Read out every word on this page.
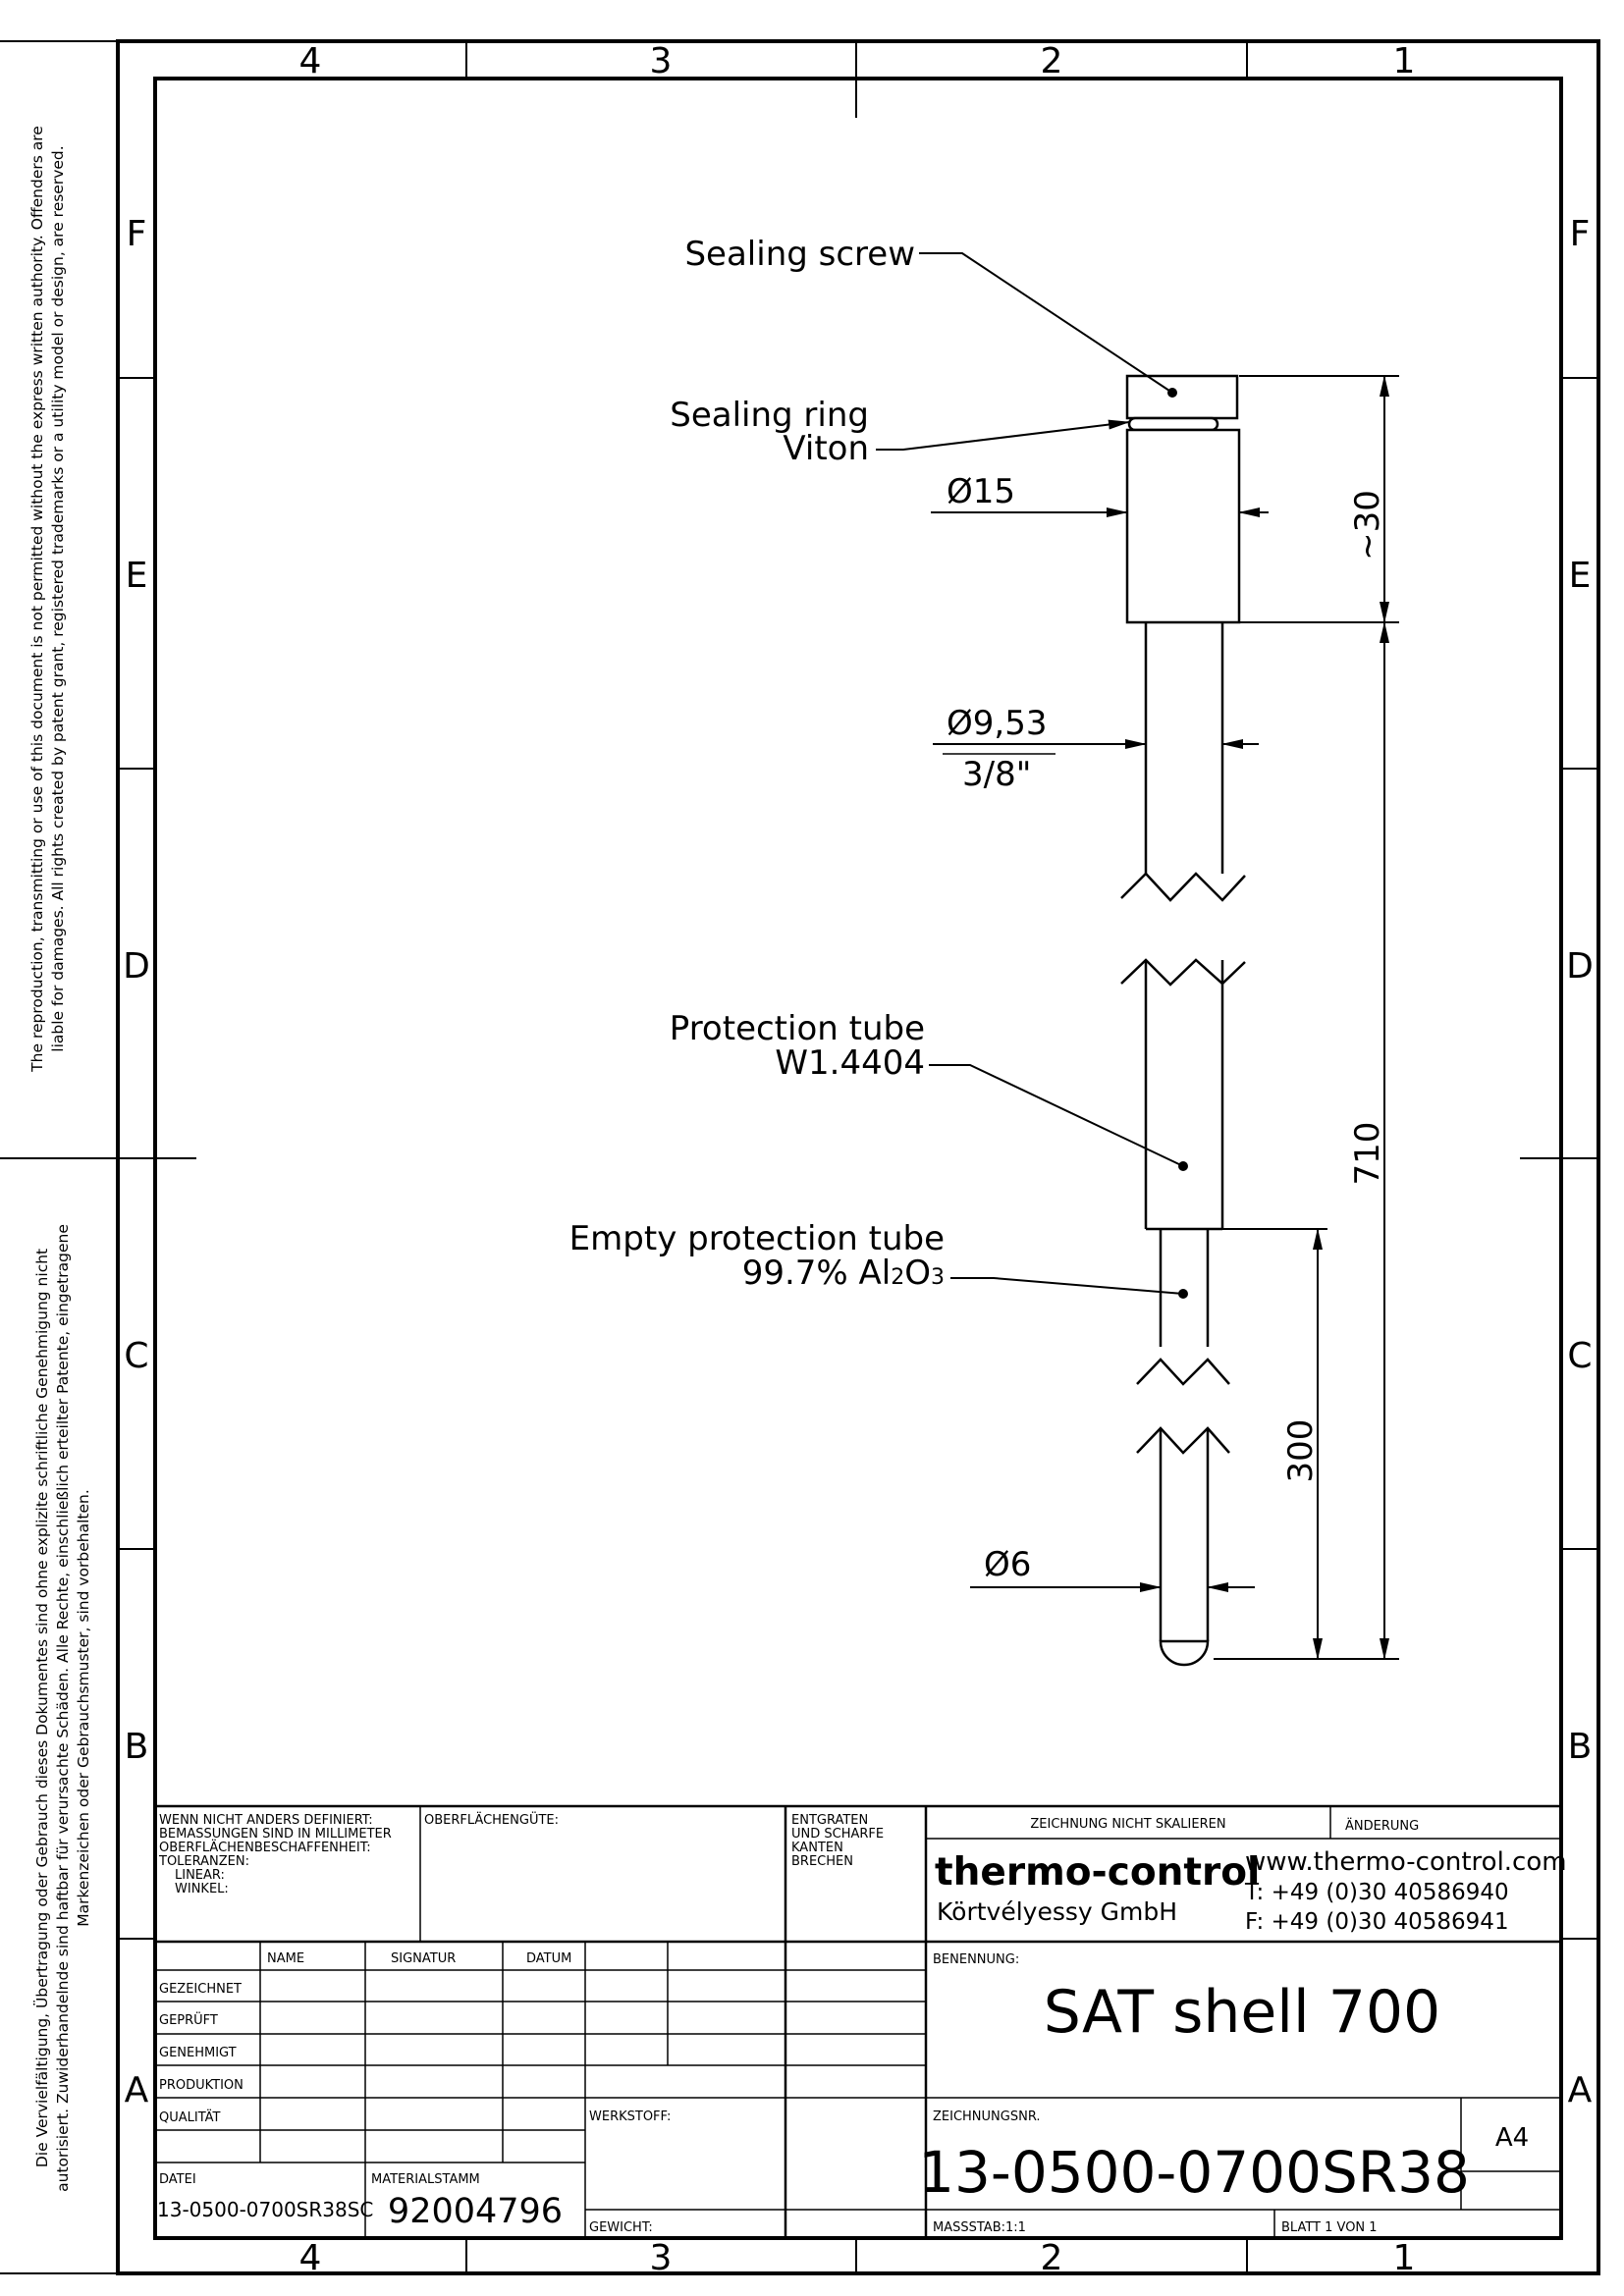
The reproduction, transmitting or use of this document is not permitted without the express written authority. Offenders are liable for damages. All rights created by patent grant, registered trademarks or a utility model or design, are reserved.
Die Vervielfältigung, Übertragung oder Gebrauch dieses Dokumentes sind ohne explizite schriftliche Genehmigung nicht autorisiert. Zuwiderhandelnde sind haftbar für verursachte Schäden. Alle Rechte, einschließlich erteilter Patente, eingetragene Markenzeichen oder Gebrauchsmuster, sind vorbehalten.
4	3	2	1
4	3	2	1
F
E
D
C
B
A
F
E
D
C
B
A
Sealing screw
Sealing ring
Viton
Protection tube
W1.4404
Empty protection tube
99.7% Al2O3
Ø15
Ø9,53
3/8"
Ø6
~30
710
300
WENN NICHT ANDERS DEFINIERT:
BEMASSUNGEN SIND IN MILLIMETER
OBERFLÄCHENBESCHAFFENHEIT:
TOLERANZEN:
LINEAR:
WINKEL:
OBERFLÄCHENGÜTE:	ENTGRATEN
UND SCHARFE
KANTEN
BRECHEN
ZEICHNUNG NICHT SKALIEREN	ÄNDERUNG
NAME	SIGNATUR	DATUM
GEZEICHNET
GEPRÜFT
GENEHMIGT
PRODUKTION
QUALITÄT
BENENNUNG:
WERKSTOFF:	ZEICHNUNGSNR.
DATEI	MATERIALSTAMM
GEWICHT:	MASSSTAB:1:1	BLATT 1 VON 1
thermo-control
Körtvélyessy GmbH
www.thermo-control.com
T: +49 (0)30 40586940
F: +49 (0)30 40586941
SAT shell 700
13-0500-0700SR38
A4
13-0500-0700SR38SC 92004796
